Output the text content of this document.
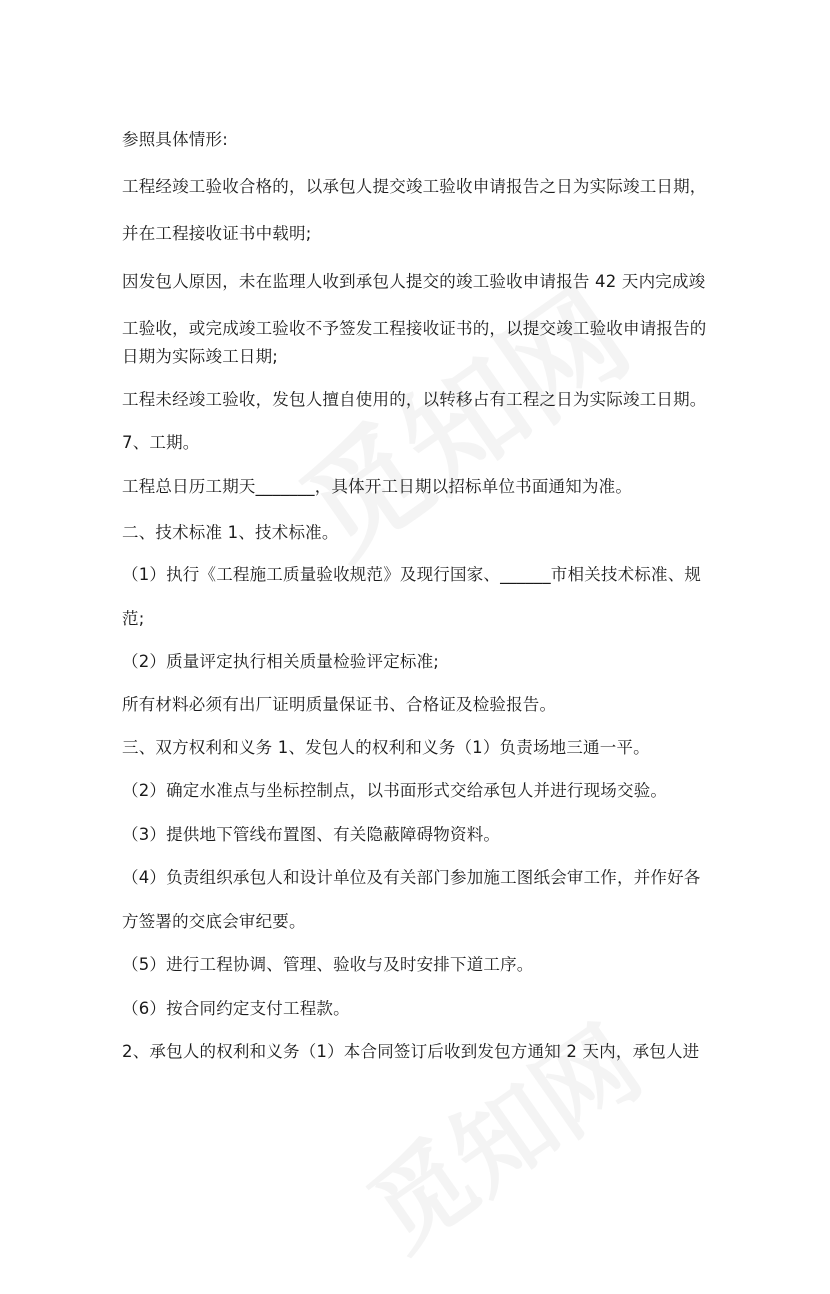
参照具体情形:

工程经竣工验收合格的，以承包人提交竣工验收申请报告之日为实际竣工日期，

并在工程接收证书中载明;

因发包人原因，未在监理人收到承包人提交的竣工验收申请报告 42 天内完成竣

工验收，或完成竣工验收不予签发工程接收证书的，以提交竣工验收申请报告的

日期为实际竣工日期;

工程未经竣工验收，发包人擅自使用的，以转移占有工程之日为实际竣工日期。

7、工期。

工程总日历工期天_______，具体开工日期以招标单位书面通知为准。

二、技术标准 1、技术标准。

（1）执行《工程施工质量验收规范》及现行国家、______市相关技术标准、规

范;

（2）质量评定执行相关质量检验评定标准;

所有材料必须有出厂证明质量保证书、合格证及检验报告。

三、双方权利和义务 1、发包人的权利和义务（1）负责场地三通一平。

（2）确定水准点与坐标控制点，以书面形式交给承包人并进行现场交验。

（3）提供地下管线布置图、有关隐蔽障碍物资料。

（4）负责组织承包人和设计单位及有关部门参加施工图纸会审工作，并作好各

方签署的交底会审纪要。

（5）进行工程协调、管理、验收与及时安排下道工序。

（6）按合同约定支付工程款。

2、承包人的权利和义务（1）本合同签订后收到发包方通知 2 天内，承包人进
